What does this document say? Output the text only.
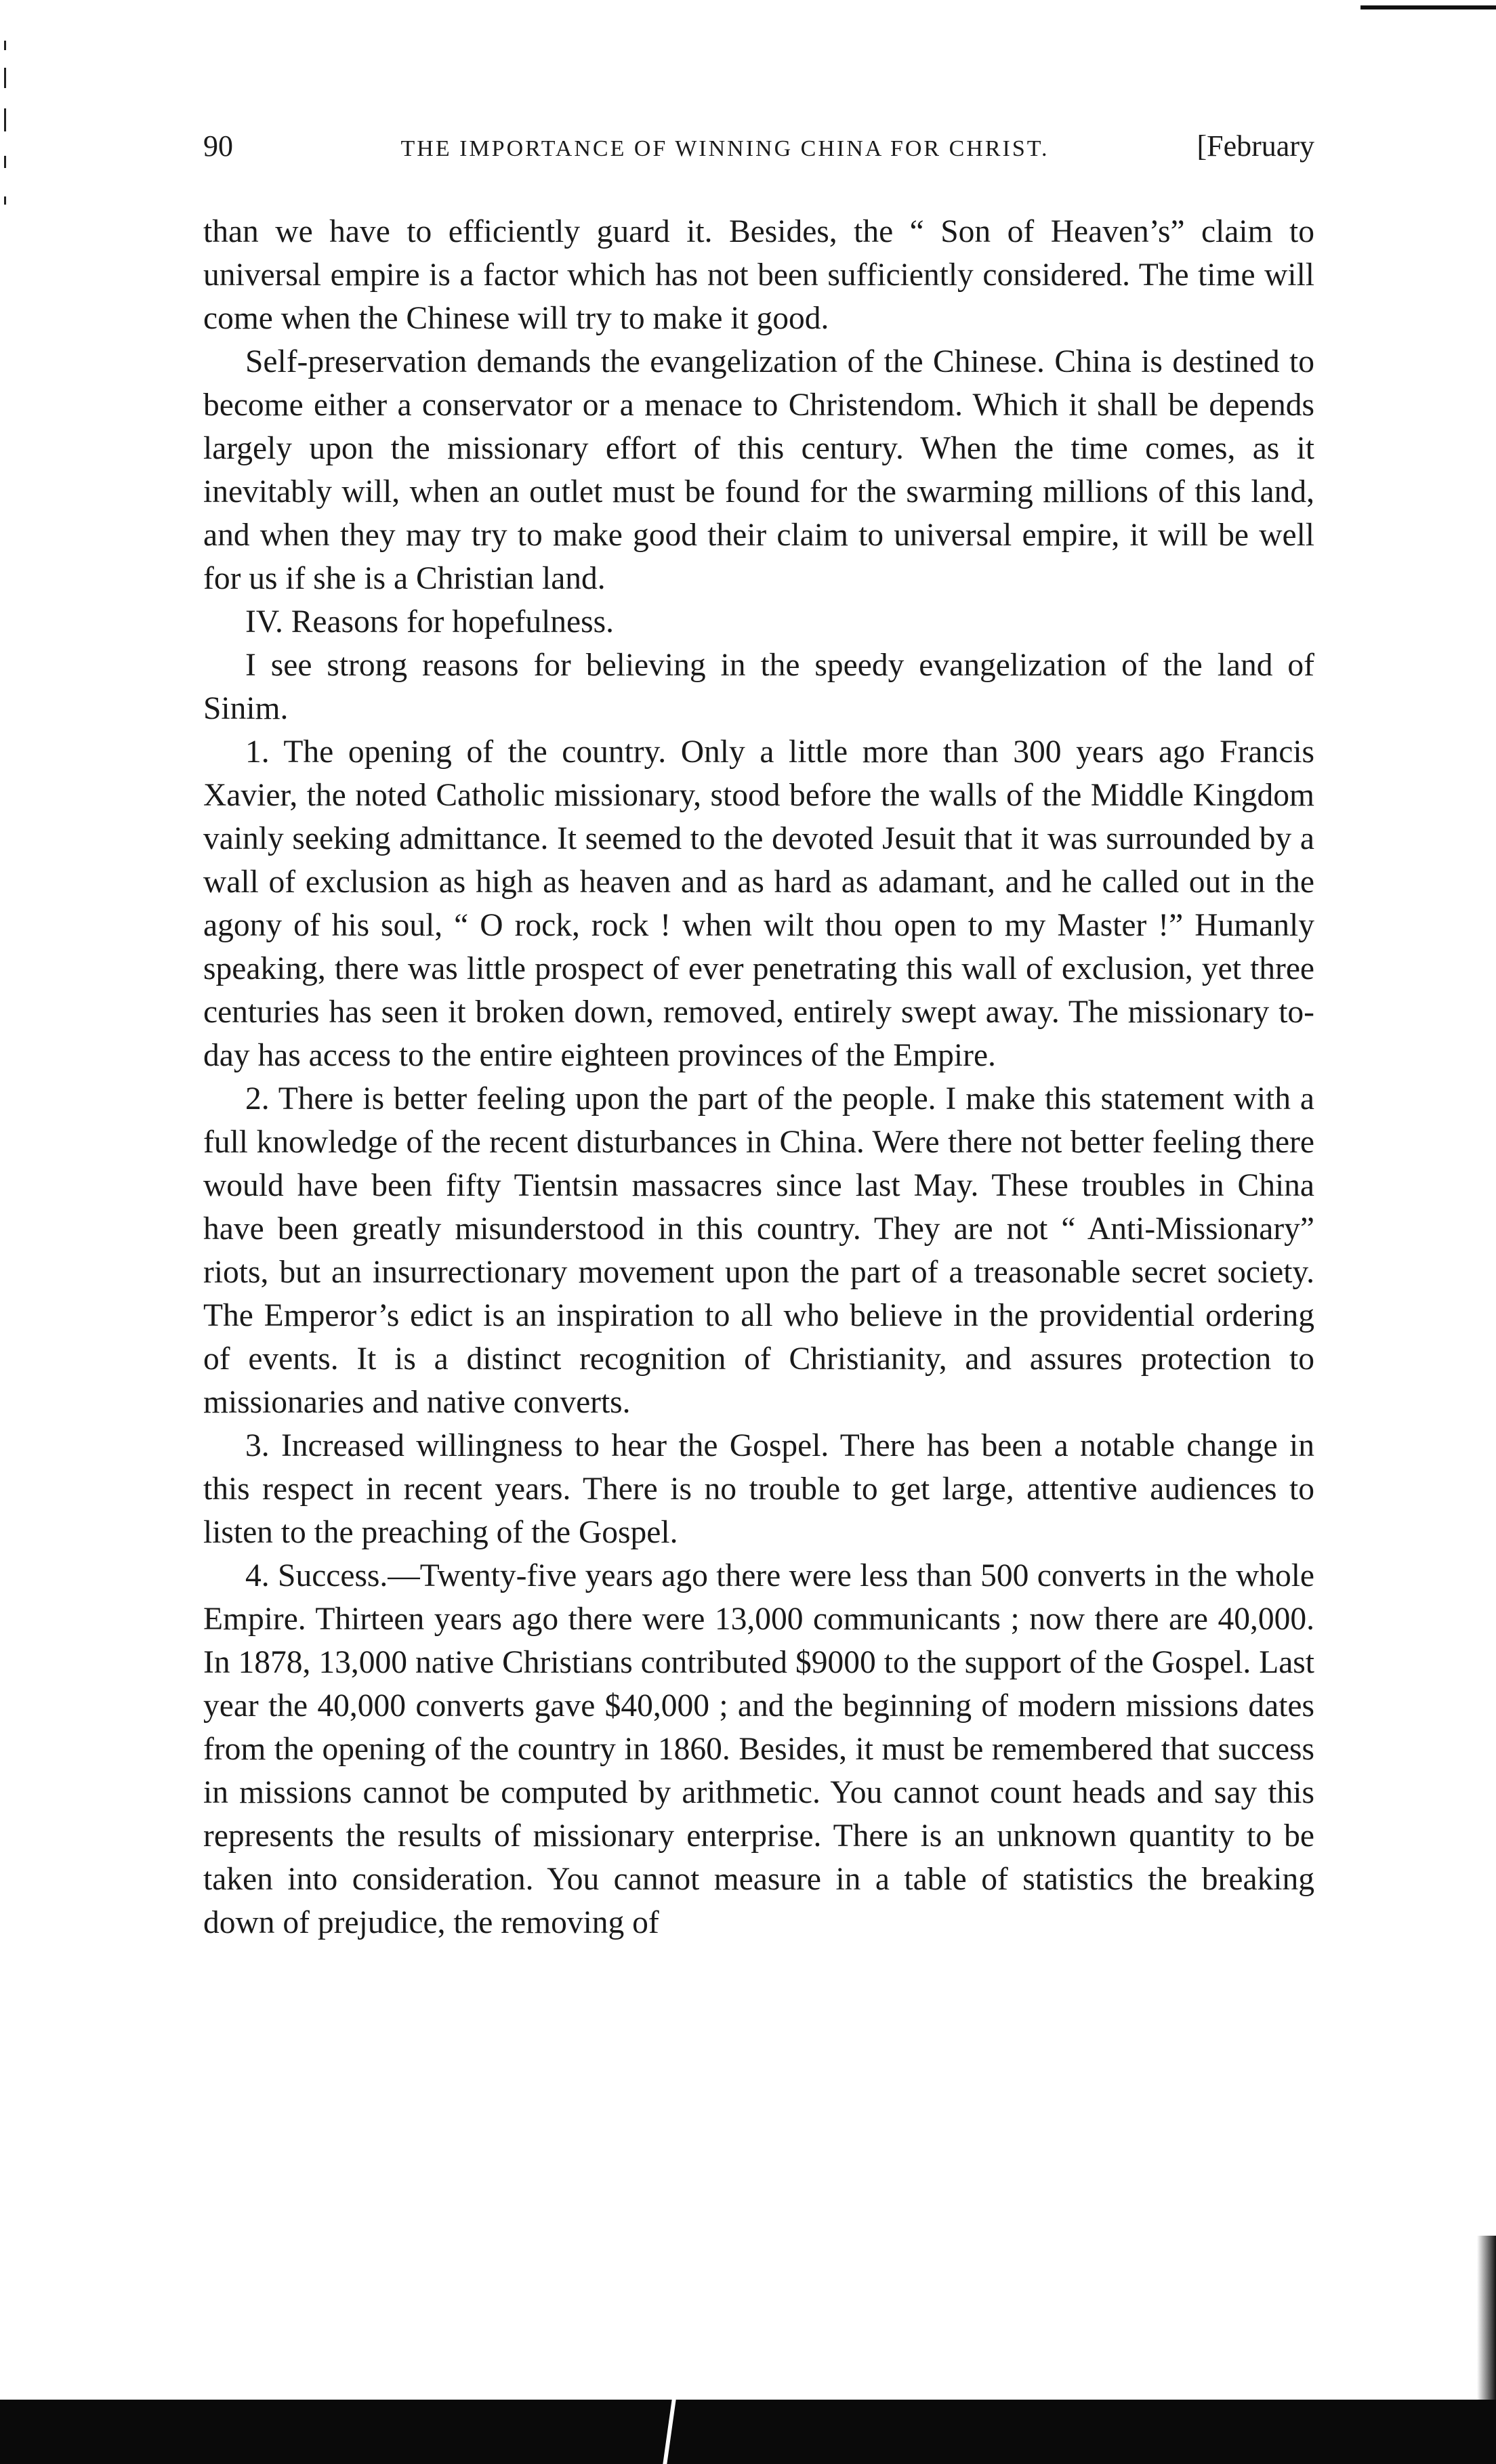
90	THE IMPORTANCE OF WINNING CHINA FOR CHRIST.	[February

than we have to efficiently guard it. Besides, the “ Son of Heaven’s” claim to universal empire is a factor which has not been sufficiently considered. The time will come when the Chinese will try to make it good.

Self-preservation demands the evangelization of the Chinese. China is destined to become either a conservator or a menace to Christendom. Which it shall be depends largely upon the missionary effort of this century. When the time comes, as it inevitably will, when an outlet must be found for the swarming millions of this land, and when they may try to make good their claim to universal empire, it will be well for us if she is a Christian land.

IV. Reasons for hopefulness.

I see strong reasons for believing in the speedy evangelization of the land of Sinim.

1. The opening of the country. Only a little more than 300 years ago Francis Xavier, the noted Catholic missionary, stood before the walls of the Middle Kingdom vainly seeking admittance. It seemed to the devoted Jesuit that it was surrounded by a wall of exclusion as high as heaven and as hard as adamant, and he called out in the agony of his soul, “ O rock, rock ! when wilt thou open to my Master !” Humanly speaking, there was little prospect of ever penetrating this wall of exclusion, yet three centuries has seen it broken down, removed, entirely swept away. The missionary to-day has access to the entire eighteen provinces of the Empire.

2. There is better feeling upon the part of the people. I make this statement with a full knowledge of the recent disturbances in China. Were there not better feeling there would have been fifty Tientsin massacres since last May. These troubles in China have been greatly misunderstood in this country. They are not “ Anti-Missionary” riots, but an insurrectionary movement upon the part of a treasonable secret society. The Emperor’s edict is an inspiration to all who believe in the providential ordering of events. It is a distinct recognition of Christianity, and assures protection to missionaries and native converts.

3. Increased willingness to hear the Gospel. There has been a notable change in this respect in recent years. There is no trouble to get large, attentive audiences to listen to the preaching of the Gospel.

4. Success.—Twenty-five years ago there were less than 500 converts in the whole Empire. Thirteen years ago there were 13,000 communicants ; now there are 40,000. In 1878, 13,000 native Christians contributed $9000 to the support of the Gospel. Last year the 40,000 converts gave $40,000 ; and the beginning of modern missions dates from the opening of the country in 1860. Besides, it must be remembered that success in missions cannot be computed by arithmetic. You cannot count heads and say this represents the results of missionary enterprise. There is an unknown quantity to be taken into consideration. You cannot measure in a table of statistics the breaking down of prejudice, the removing of
